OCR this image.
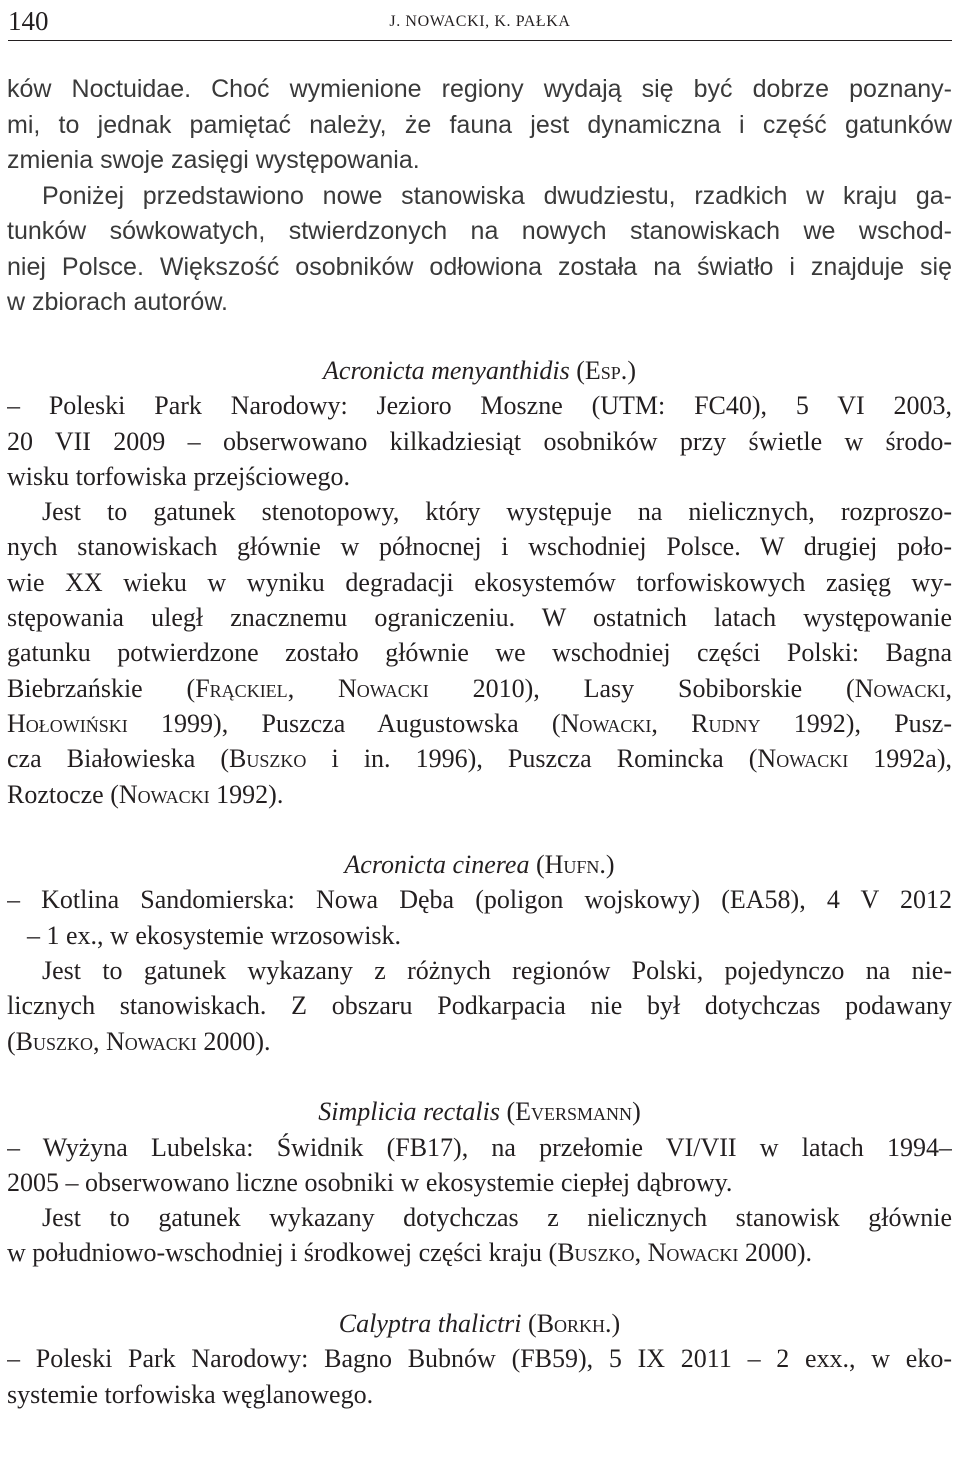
140	J. NOWACKI, K. PAŁKA
ków Noctuidae. Choć wymienione regiony wydają się być dobrze poznany-
mi, to jednak pamiętać należy, że fauna jest dynamiczna i część gatunków
zmienia swoje zasięgi występowania.
Poniżej przedstawiono nowe stanowiska dwudziestu, rzadkich w kraju ga-
tunków sówkowatych, stwierdzonych na nowych stanowiskach we wschod-
niej Polsce. Większość osobników odłowiona została na światło i znajduje się
w zbiorach autorów.
Acronicta menyanthidis (Esp.)
– Poleski Park Narodowy: Jezioro Moszne (UTM: FC40), 5 VI 2003,
20 VII 2009 – obserwowano kilkadziesiąt osobników przy świetle w środo-
wisku torfowiska przejściowego.
Jest to gatunek stenotopowy, który występuje na nielicznych, rozproszo-
nych stanowiskach głównie w północnej i wschodniej Polsce. W drugiej poło-
wie XX wieku w wyniku degradacji ekosystemów torfowiskowych zasięg wy-
stępowania uległ znacznemu ograniczeniu. W ostatnich latach występowanie
gatunku potwierdzone zostało głównie we wschodniej części Polski: Bagna
Biebrzańskie (Frąckiel, Nowacki 2010), Lasy Sobiborskie (Nowacki,
Hołowiński 1999), Puszcza Augustowska (Nowacki, Rudny 1992), Pusz-
cza Białowieska (Buszko i in. 1996), Puszcza Romincka (Nowacki 1992a),
Roztocze (Nowacki 1992).
Acronicta cinerea (Hufn.)
– Kotlina Sandomierska: Nowa Dęba (poligon wojskowy) (EA58), 4 V 2012
– 1 ex., w ekosystemie wrzosowisk.
Jest to gatunek wykazany z różnych regionów Polski, pojedynczo na nie-
licznych stanowiskach. Z obszaru Podkarpacia nie był dotychczas podawany
(Buszko, Nowacki 2000).
Simplicia rectalis (Eversmann)
– Wyżyna Lubelska: Świdnik (FB17), na przełomie VI/VII w latach 1994–
2005 – obserwowano liczne osobniki w ekosystemie ciepłej dąbrowy.
Jest to gatunek wykazany dotychczas z nielicznych stanowisk głównie
w południowo-wschodniej i środkowej części kraju (Buszko, Nowacki 2000).
Calyptra thalictri (Borkh.)
– Poleski Park Narodowy: Bagno Bubnów (FB59), 5 IX 2011 – 2 exx., w eko-
systemie torfowiska węglanowego.
